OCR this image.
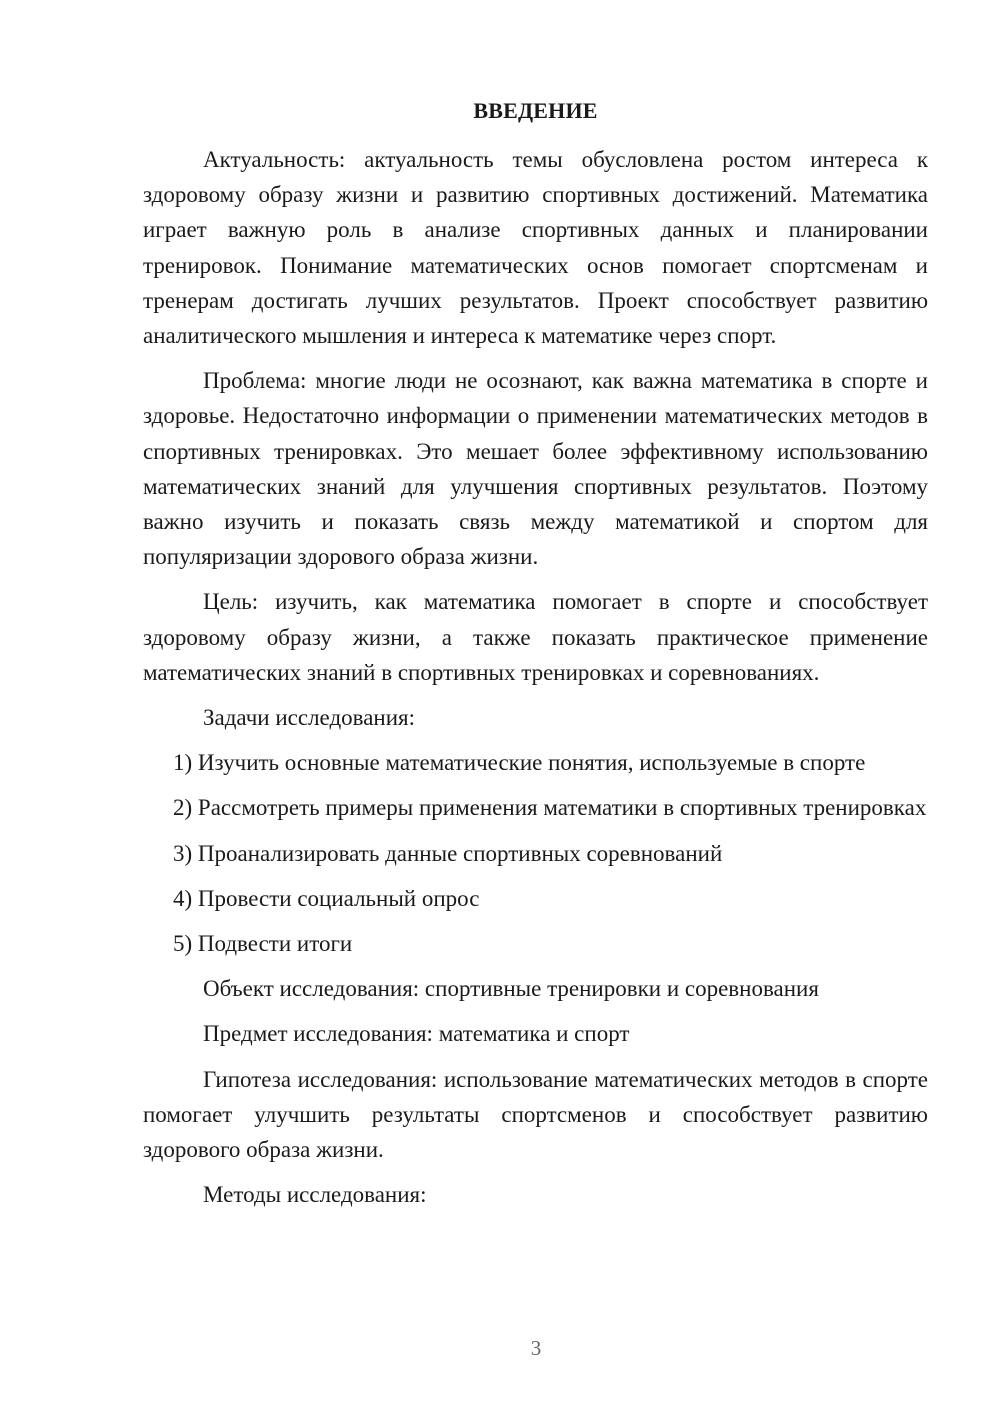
ВВЕДЕНИЕ

Актуальность: актуальность темы обусловлена ростом интереса к здоровому образу жизни и развитию спортивных достижений. Математика играет важную роль в анализе спортивных данных и планировании тренировок. Понимание математических основ помогает спортсменам и тренерам достигать лучших результатов. Проект способствует развитию аналитического мышления и интереса к математике через спорт.

Проблема: многие люди не осознают, как важна математика в спорте и здоровье. Недостаточно информации о применении математических методов в спортивных тренировках. Это мешает более эффективному использованию математических знаний для улучшения спортивных результатов. Поэтому важно изучить и показать связь между математикой и спортом для популяризации здорового образа жизни.

Цель: изучить, как математика помогает в спорте и способствует здоровому образу жизни, а также показать практическое применение математических знаний в спортивных тренировках и соревнованиях.

Задачи исследования:

1) Изучить основные математические понятия, используемые в спорте

2) Рассмотреть примеры применения математики в спортивных тренировках

3) Проанализировать данные спортивных соревнований

4) Провести социальный опрос

5) Подвести итоги

Объект исследования: спортивные тренировки и соревнования

Предмет исследования: математика и спорт

Гипотеза исследования: использование математических методов в спорте помогает улучшить результаты спортсменов и способствует развитию здорового образа жизни.

Методы исследования:

3
